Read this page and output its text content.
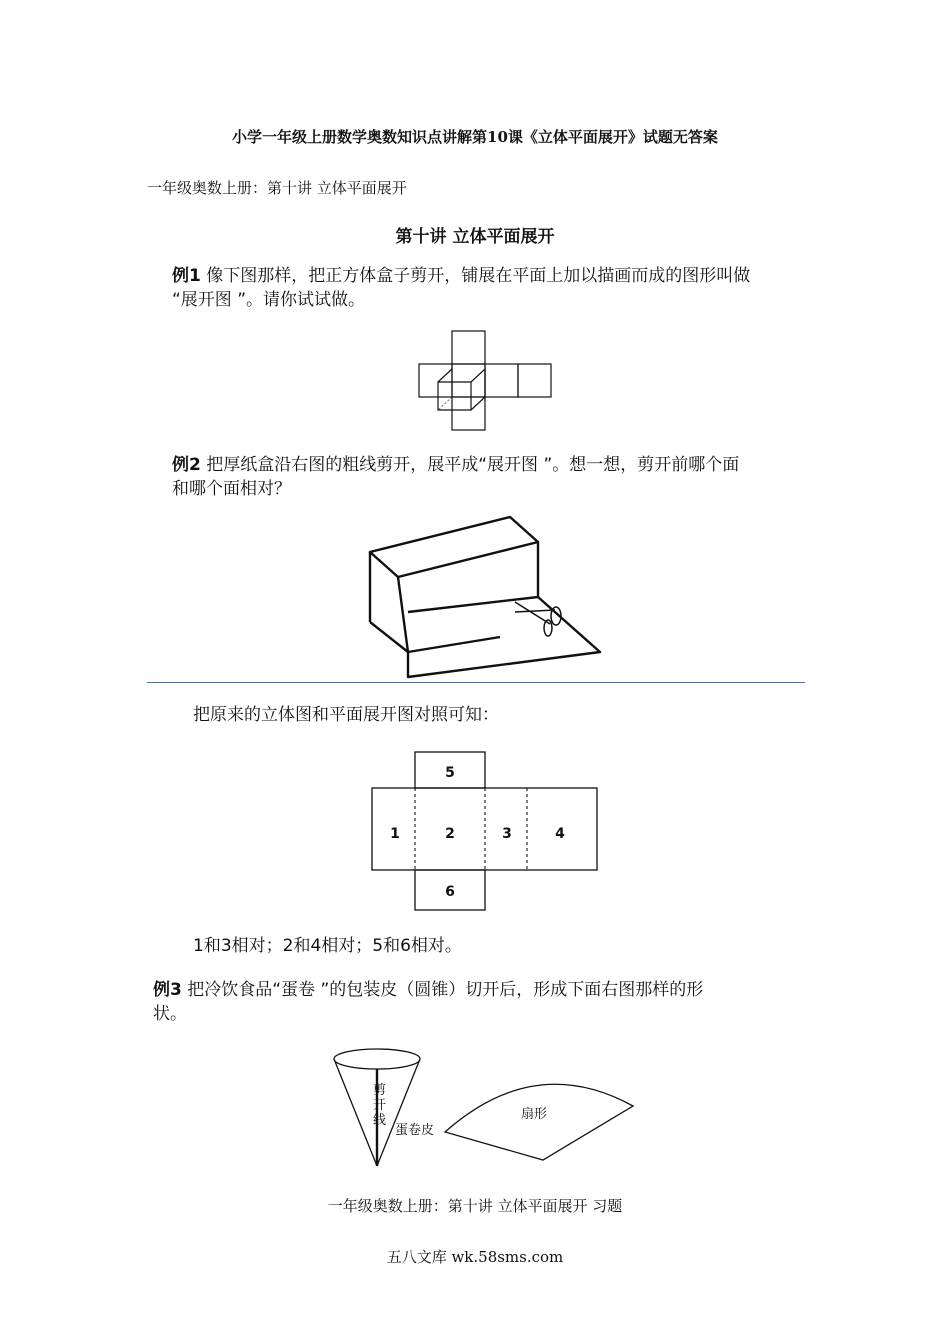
小学一年级上册数学奥数知识点讲解第10课《立体平面展开》试题无答案
一年级奥数上册：第十讲 立体平面展开
第十讲 立体平面展开
例1 像下图那样，把正方体盒子剪开，铺展在平面上加以描画而成的图形叫做
“展开图 ”。请你试试做。
例2 把厚纸盒沿右图的粗线剪开，展平成“展开图 ”。想一想，剪开前哪个面
和哪个面相对？
把原来的立体图和平面展开图对照可知：
5
1	2	3	4
6
1和3相对；2和4相对；5和6相对。
例3 把冷饮食品“蛋卷 ”的包装皮（圆锥）切开后，形成下面右图那样的形
状。
剪
开
线
蛋卷皮
扇形
一年级奥数上册：第十讲 立体平面展开 习题
五八文库 wk.58sms.com
